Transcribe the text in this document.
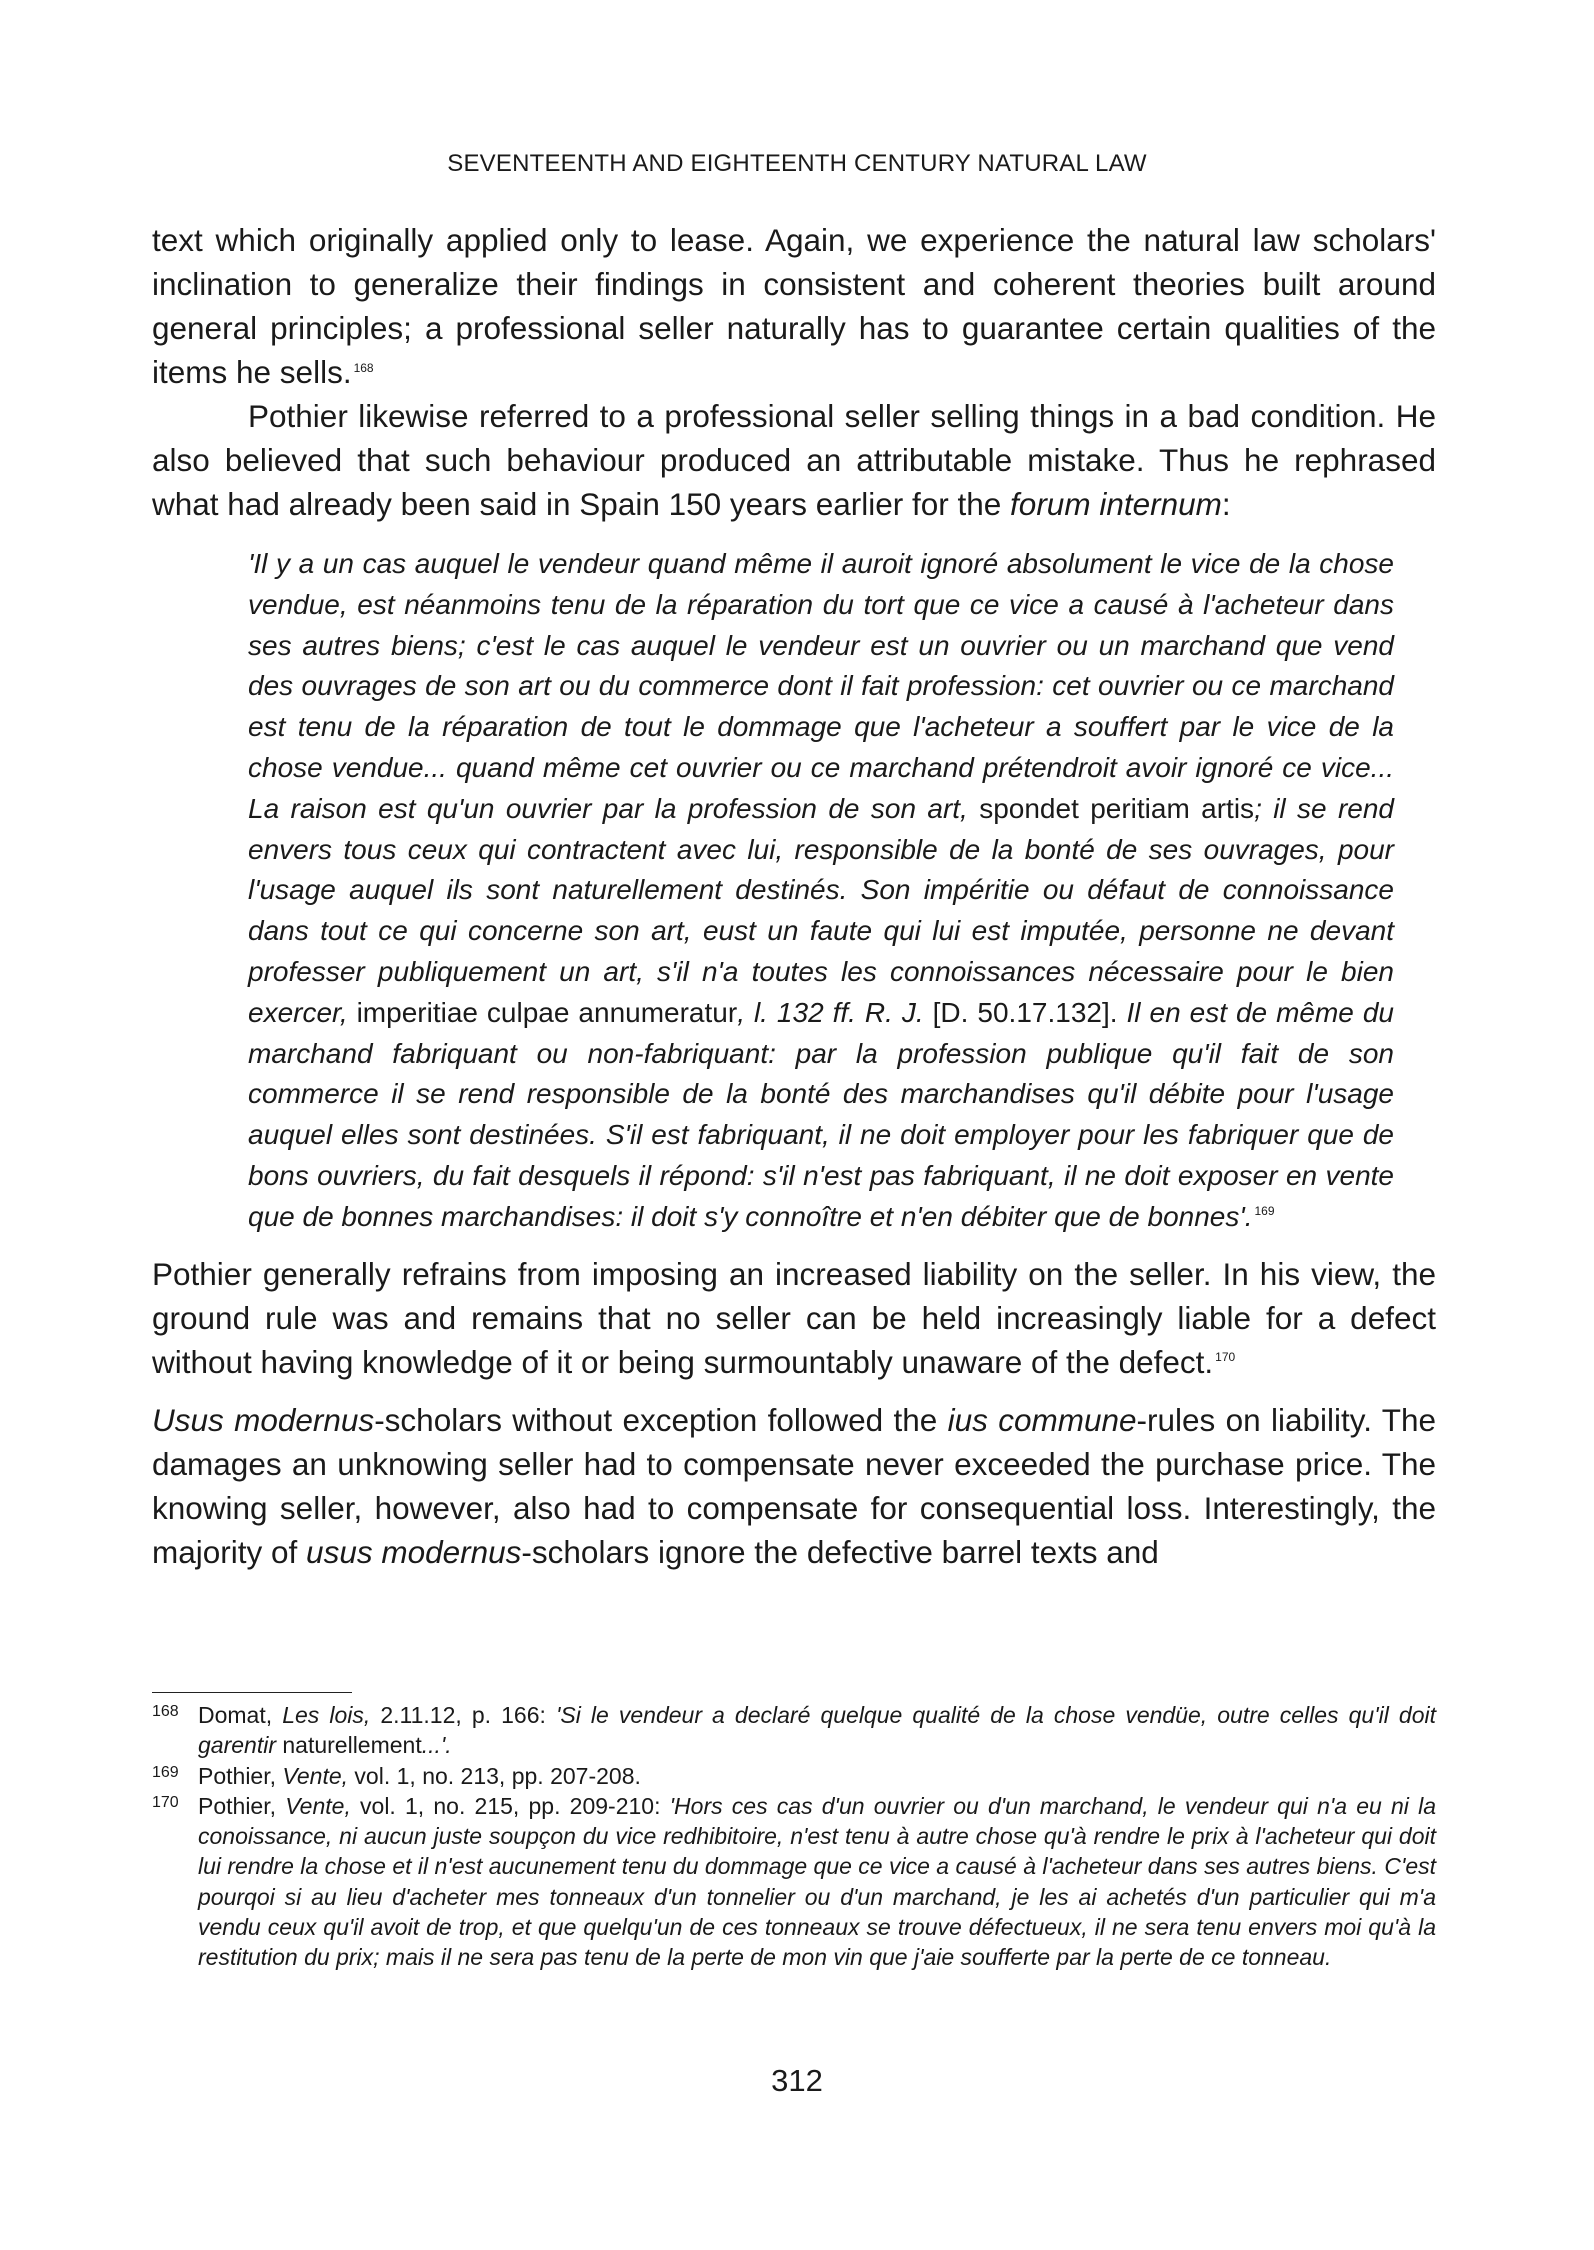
SEVENTEENTH AND EIGHTEENTH CENTURY NATURAL LAW

text which originally applied only to lease. Again, we experience the natural law scholars' inclination to generalize their findings in consistent and coherent theories built around general principles; a professional seller naturally has to guarantee certain qualities of the items he sells. $^{168}$

Pothier likewise referred to a professional seller selling things in a bad condition. He also believed that such behaviour produced an attributable mistake. Thus he rephrased what had already been said in Spain 150 years earlier for the forum internum:

'Il y a un cas auquel le vendeur quand même il auroit ignoré absolument le vice de la chose vendue, est néanmoins tenu de la réparation du tort que ce vice a causé à l'acheteur dans ses autres biens; c'est le cas auquel le vendeur est un ouvrier ou un marchand que vend des ouvrages de son art ou du commerce dont il fait profession: cet ouvrier ou ce marchand est tenu de la réparation de tout le dommage que l'acheteur a souffert par le vice de la chose vendue... quand même cet ouvrier ou ce marchand prétendroit avoir ignoré ce vice... La raison est qu'un ouvrier par la profession de son art, spondet peritiam artis; il se rend envers tous ceux qui contractent avec lui, responsible de la bonté de ses ouvrages, pour l'usage auquel ils sont naturellement destinés. Son impéritie ou défaut de connoissance dans tout ce qui concerne son art, eust un faute qui lui est imputée, personne ne devant professer publiquement un art, s'il n'a toutes les connoissances nécessaire pour le bien exercer, imperitiae culpae annumeratur, l. 132 ff. R. J. [D. 50.17.132]. Il en est de même du marchand fabriquant ou non-fabriquant: par la profession publique qu'il fait de son commerce il se rend responsible de la bonté des marchandises qu'il débite pour l'usage auquel elles sont destinées. S'il est fabriquant, il ne doit employer pour les fabriquer que de bons ouvriers, du fait desquels il répond: s'il n'est pas fabriquant, il ne doit exposer en vente que de bonnes marchandises: il doit s'y connoître et n'en débiter que de bonnes'. $^{169}$

Pothier generally refrains from imposing an increased liability on the seller. In his view, the ground rule was and remains that no seller can be held increasingly liable for a defect without having knowledge of it or being surmountably unaware of the defect. $^{170}$

Usus modernus-scholars without exception followed the ius commune-rules on liability. The damages an unknowing seller had to compensate never exceeded the purchase price. The knowing seller, however, also had to compensate for consequential loss. Interestingly, the majority of usus modernus-scholars ignore the defective barrel texts and

168 Domat, Les lois, 2.11.12, p. 166: 'Si le vendeur a declaré quelque qualité de la chose vendüe, outre celles qu'il doit garentir naturellement...'.
169 Pothier, Vente, vol. 1, no. 213, pp. 207-208.
170 Pothier, Vente, vol. 1, no. 215, pp. 209-210: 'Hors ces cas d'un ouvrier ou d'un marchand, le vendeur qui n'a eu ni la conoissance, ni aucun juste soupçon du vice redhibitoire, n'est tenu à autre chose qu'à rendre le prix à l'acheteur qui doit lui rendre la chose et il n'est aucunement tenu du dommage que ce vice a causé à l'acheteur dans ses autres biens. C'est pourqoi si au lieu d'acheter mes tonneaux d'un tonnelier ou d'un marchand, je les ai achetés d'un particulier qui m'a vendu ceux qu'il avoit de trop, et que quelqu'un de ces tonneaux se trouve défectueux, il ne sera tenu envers moi qu'à la restitution du prix; mais il ne sera pas tenu de la perte de mon vin que j'aie soufferte par la perte de ce tonneau.
312
